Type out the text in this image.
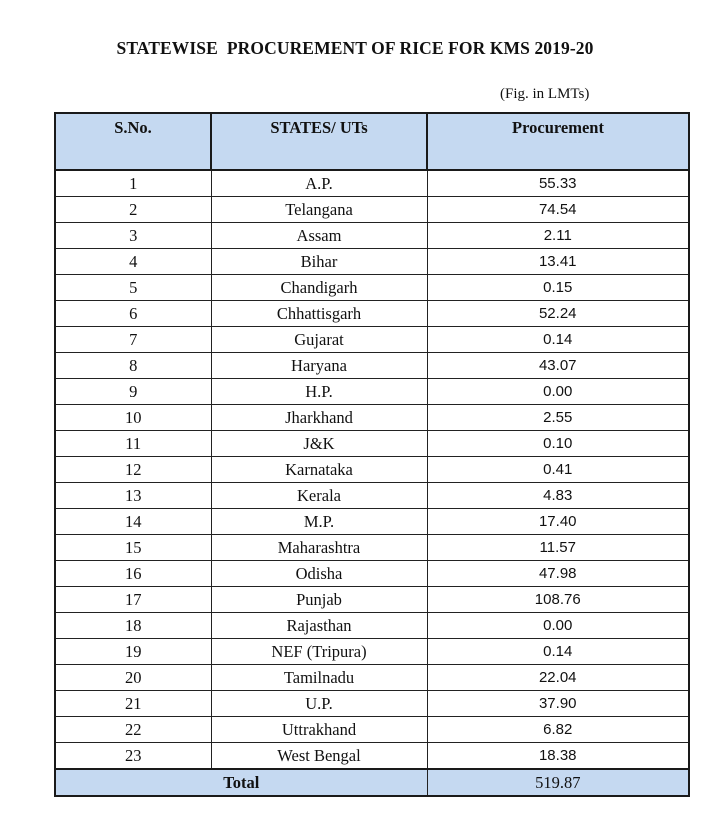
STATEWISE  PROCUREMENT OF RICE FOR KMS 2019-20
(Fig. in LMTs)
S.No.	STATES/ UTs	Procurement
1	A.P.	55.33
2	Telangana	74.54
3	Assam	2.11
4	Bihar	13.41
5	Chandigarh	0.15
6	Chhattisgarh	52.24
7	Gujarat	0.14
8	Haryana	43.07
9	H.P.	0.00
10	Jharkhand	2.55
11	J&K	0.10
12	Karnataka	0.41
13	Kerala	4.83
14	M.P.	17.40
15	Maharashtra	11.57
16	Odisha	47.98
17	Punjab	108.76
18	Rajasthan	0.00
19	NEF (Tripura)	0.14
20	Tamilnadu	22.04
21	U.P.	37.90
22	Uttrakhand	6.82
23	West Bengal	18.38
Total		519.87
